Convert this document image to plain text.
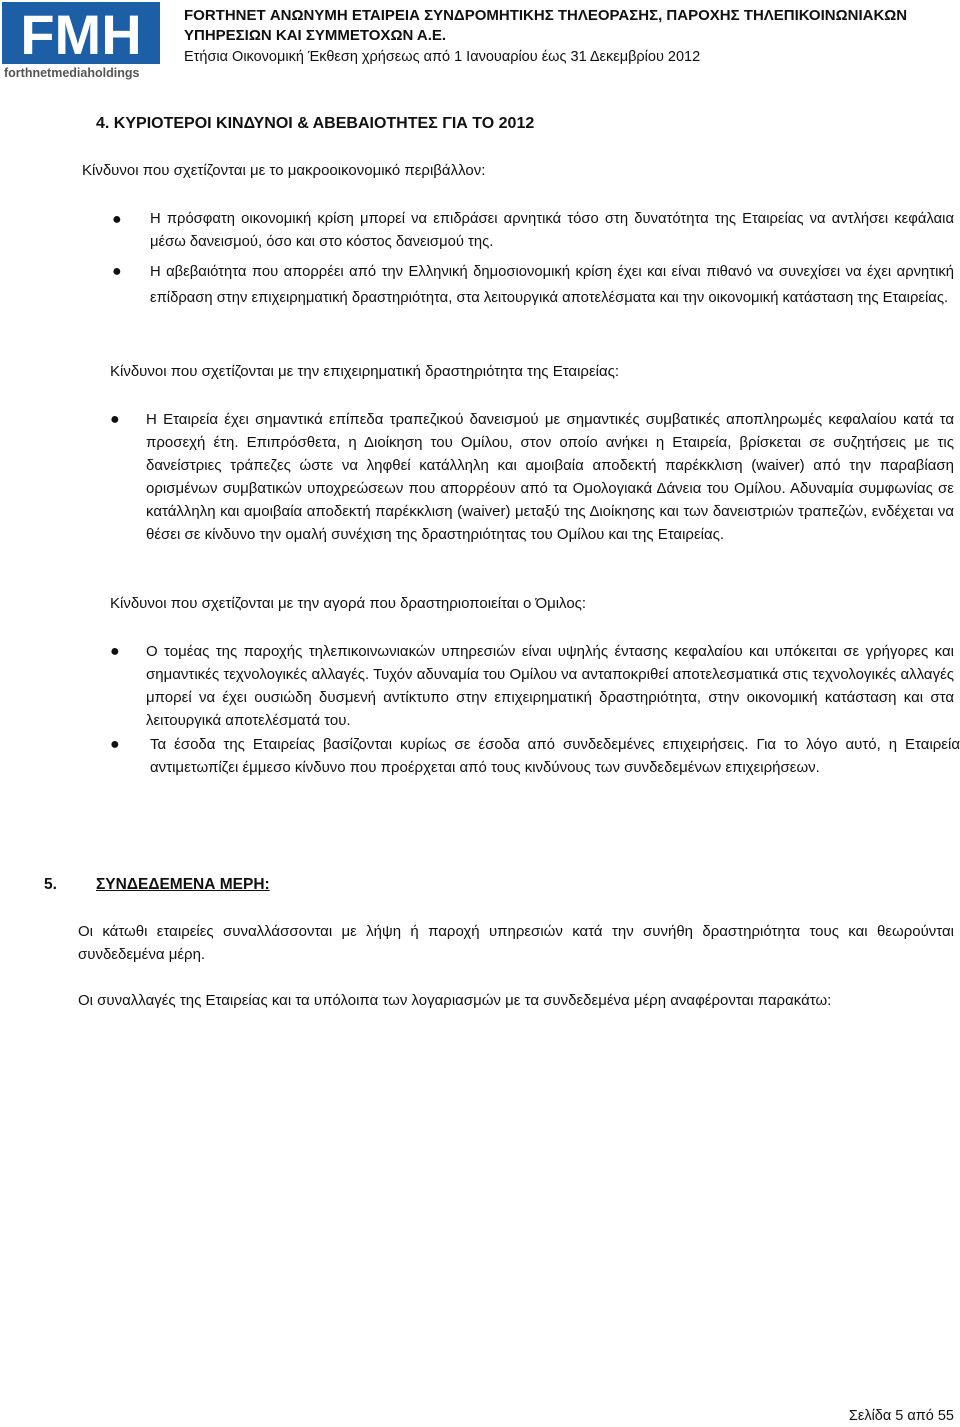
FMH
forthnetmediaholdings
FORTHNET ΑΝΩΝΥΜΗ ΕΤΑΙΡΕΙΑ ΣΥΝΔΡΟΜΗΤΙΚΗΣ ΤΗΛΕΟΡΑΣΗΣ, ΠΑΡΟΧΗΣ ΤΗΛΕΠΙΚΟΙΝΩΝΙΑΚΩΝ
ΥΠΗΡΕΣΙΩΝ ΚΑΙ ΣΥΜΜΕΤΟΧΩΝ Α.Ε.
Ετήσια Οικονομική Έκθεση χρήσεως από 1 Ιανουαρίου έως 31 Δεκεμβρίου 2012
4. ΚΥΡΙΟΤΕΡΟΙ ΚΙΝΔΥΝΟΙ & ΑΒΕΒΑΙΟΤΗΤΕΣ ΓΙΑ ΤΟ 2012
Κίνδυνοι που σχετίζονται με το μακροοικονομικό περιβάλλον:
● Η πρόσφατη οικονομική κρίση μπορεί να επιδράσει αρνητικά τόσο στη δυνατότητα της Εταιρείας να αντλήσει κεφάλαια μέσω δανεισμού, όσο και στο κόστος δανεισμού της.
● Η αβεβαιότητα που απορρέει από την Ελληνική δημοσιονομική κρίση έχει και είναι πιθανό να συνεχίσει να έχει αρνητική επίδραση στην επιχειρηματική δραστηριότητα, στα λειτουργικά αποτελέσματα και την οικονομική κατάσταση της Εταιρείας.
Κίνδυνοι που σχετίζονται με την επιχειρηματική δραστηριότητα της Εταιρείας:
● Η Εταιρεία έχει σημαντικά επίπεδα τραπεζικού δανεισμού με σημαντικές συμβατικές αποπληρωμές κεφαλαίου κατά τα προσεχή έτη. Επιπρόσθετα, η Διοίκηση του Ομίλου, στον οποίο ανήκει η Εταιρεία, βρίσκεται σε συζητήσεις με τις δανείστριες τράπεζες ώστε να ληφθεί κατάλληλη και αμοιβαία αποδεκτή παρέκκλιση (waiver) από την παραβίαση ορισμένων συμβατικών υποχρεώσεων που απορρέουν από τα Ομολογιακά Δάνεια του Ομίλου. Αδυναμία συμφωνίας σε κατάλληλη και αμοιβαία αποδεκτή παρέκκλιση (waiver) μεταξύ της Διοίκησης και των δανειστριών τραπεζών, ενδέχεται να θέσει σε κίνδυνο την ομαλή συνέχιση της δραστηριότητας του Ομίλου και της Εταιρείας.
Κίνδυνοι που σχετίζονται με την αγορά που δραστηριοποιείται ο Όμιλος:
● Ο τομέας της παροχής τηλεπικοινωνιακών υπηρεσιών είναι υψηλής έντασης κεφαλαίου και υπόκειται σε γρήγορες και σημαντικές τεχνολογικές αλλαγές. Τυχόν αδυναμία του Ομίλου να ανταποκριθεί αποτελεσματικά στις τεχνολογικές αλλαγές μπορεί να έχει ουσιώδη δυσμενή αντίκτυπο στην επιχειρηματική δραστηριότητα, στην οικονομική κατάσταση και στα λειτουργικά αποτελέσματά του.
● Τα έσοδα της Εταιρείας βασίζονται κυρίως σε έσοδα από συνδεδεμένες επιχειρήσεις. Για το λόγο αυτό, η Εταιρεία αντιμετωπίζει έμμεσο κίνδυνο που προέρχεται από τους κινδύνους των συνδεδεμένων επιχειρήσεων.
5.	ΣΥΝΔΕΔΕΜΕΝΑ ΜΕΡΗ:
Οι κάτωθι εταιρείες συναλλάσσονται με λήψη ή παροχή υπηρεσιών κατά την συνήθη δραστηριότητα τους και θεωρούνται συνδεδεμένα μέρη.
Οι συναλλαγές της Εταιρείας και τα υπόλοιπα των λογαριασμών με τα συνδεδεμένα μέρη αναφέρονται παρακάτω:
Σελίδα 5 από 55
